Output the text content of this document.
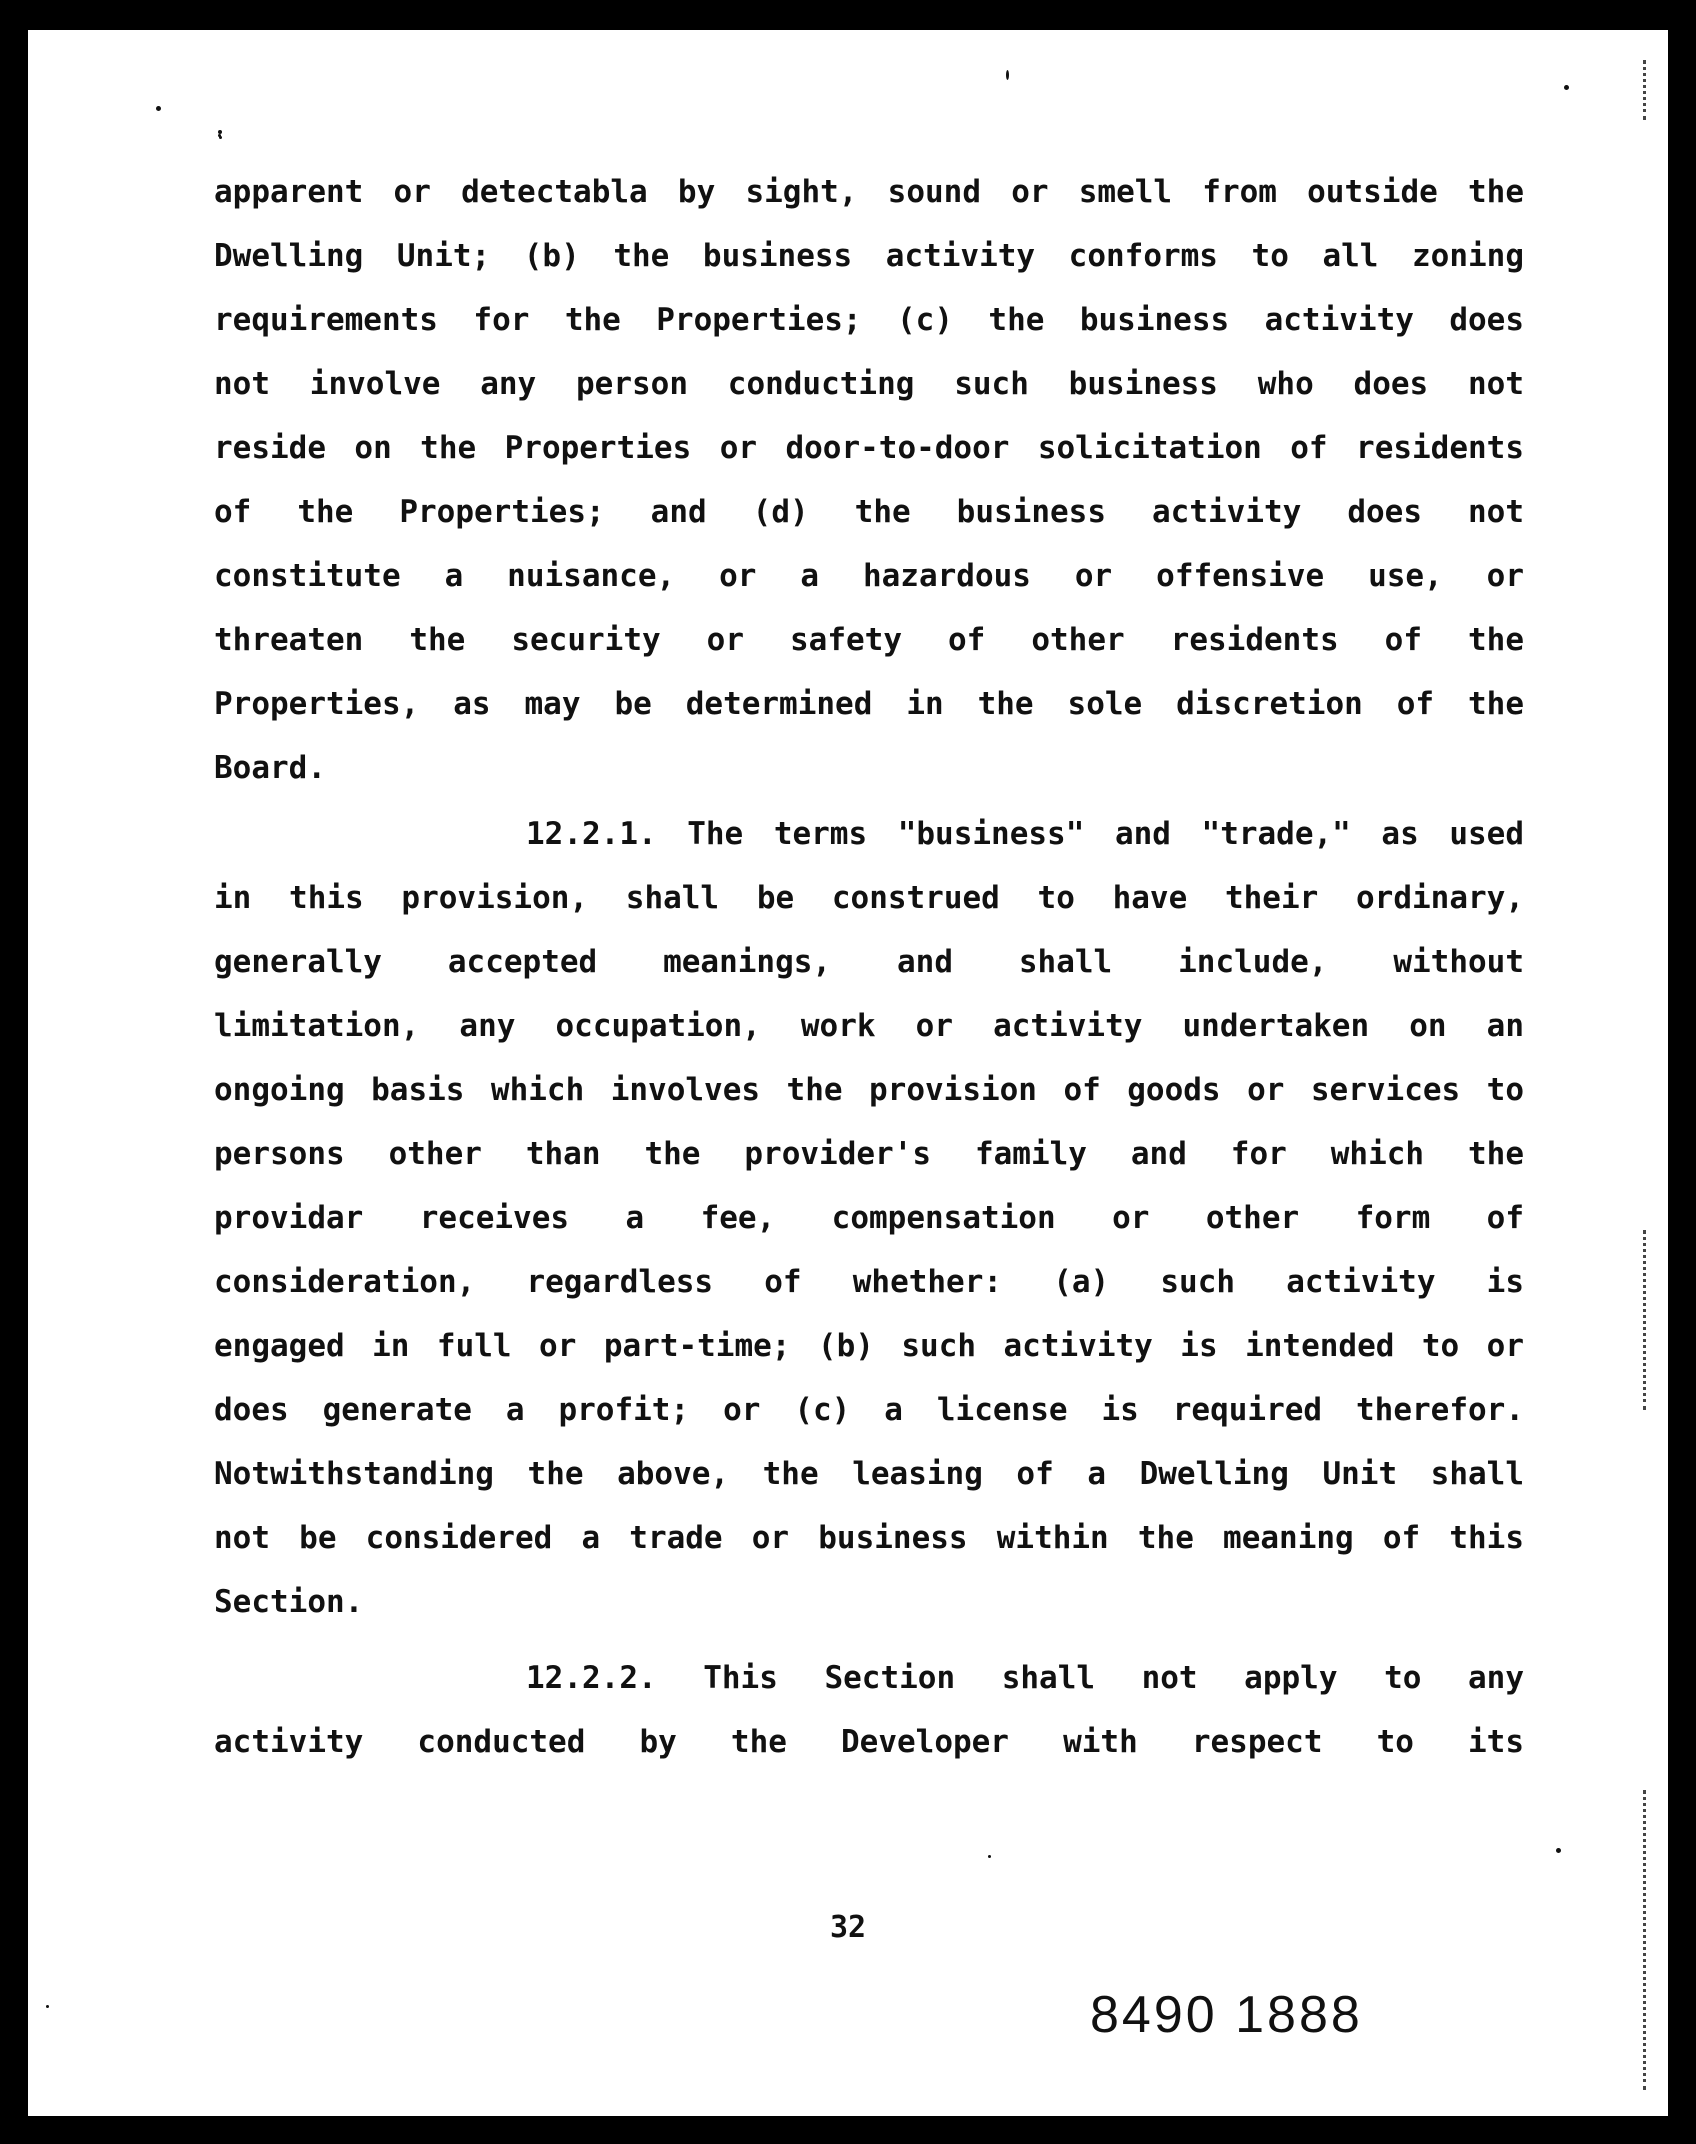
apparent or detectabla by sight, sound or smell from outside the
Dwelling Unit; (b) the business activity conforms to all zoning
requirements for the Properties; (c) the business activity does
not involve any person conducting such business who does not
reside on the Properties or door-to-door solicitation of residents
of the Properties; and (d) the business activity does not
constitute a nuisance, or a hazardous or offensive use, or
threaten the security or safety of other residents of the
Properties, as may be determined in the sole discretion of the
Board.
12.2.1. The terms "business" and "trade," as used
in this provision, shall be construed to have their ordinary,
generally accepted meanings, and shall include, without
limitation, any occupation, work or activity undertaken on an
ongoing basis which involves the provision of goods or services to
persons other than the provider's family and for which the
providar receives a fee, compensation or other form of
consideration, regardless of whether: (a) such activity is
engaged in full or part-time; (b) such activity is intended to or
does generate a profit; or (c) a license is required therefor.
Notwithstanding the above, the leasing of a Dwelling Unit shall
not be considered a trade or business within the meaning of this
Section.
12.2.2. This Section shall not apply to any
activity conducted by the Developer with respect to its
32
8490 1888
